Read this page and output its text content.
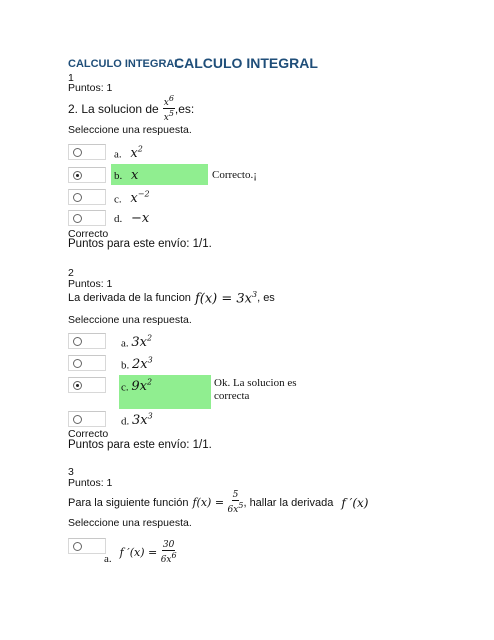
CALCULO INTEGRAL
CALCULO INTEGRAL
1
Puntos: 1
2. La solucion de $\frac{x^6}{x^5} ,es$:
Seleccione una respuesta.
a. $x^2$
b. x
c. $x^{-2}$
d. −x
Correcto.¡
Correcto
Puntos para este envío: 1/1.
2
Puntos: 1
La derivada de la funcion $f(x) = 3x^3$ , es
Seleccione una respuesta.
a. $3x^2$
b. $2x^3$
c. $9x^2$
d. $3x^3$
Ok. La solucion es correcta
Correcto
Puntos para este envío: 1/1.
3
Puntos: 1
Para la siguiente función $f(x) = \frac{5}{6x^5}$ , hallar la derivada f ′(x)
Seleccione una respuesta.
a. f $'(x) = \frac{30}{6x^6}$
